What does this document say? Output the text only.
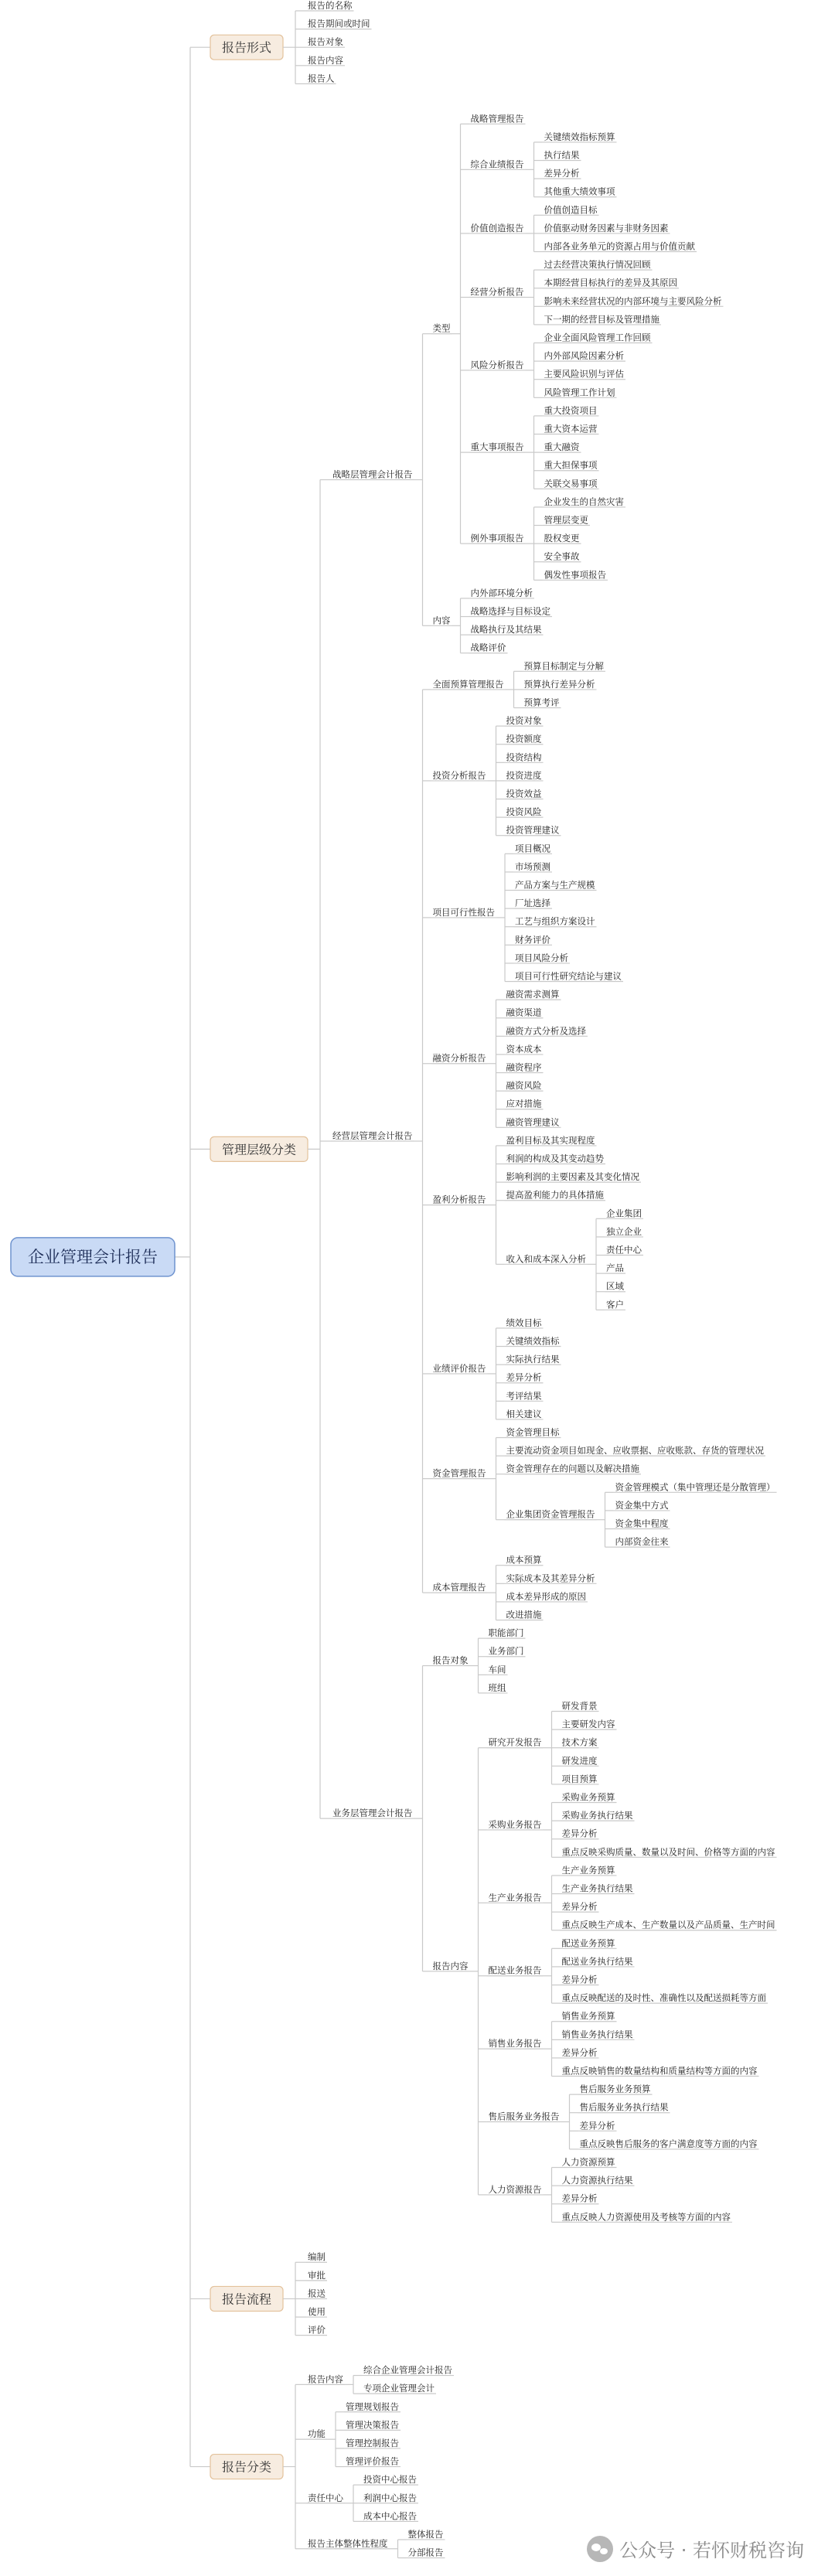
企业管理会计报告
报告形式
报告的名称
报告期间或时间
报告对象
报告内容
报告人
管理层级分类
战略层管理会计报告
类型
战略管理报告
综合业绩报告
关键绩效指标预算
执行结果
差异分析
其他重大绩效事项
价值创造报告
价值创造目标
价值驱动财务因素与非财务因素
内部各业务单元的资源占用与价值贡献
经营分析报告
过去经营决策执行情况回顾
本期经营目标执行的差异及其原因
影响未来经营状况的内部环境与主要风险分析
下一期的经营目标及管理措施
风险分析报告
企业全面风险管理工作回顾
内外部风险因素分析
主要风险识别与评估
风险管理工作计划
重大事项报告
重大投资项目
重大资本运营
重大融资
重大担保事项
关联交易事项
例外事项报告
企业发生的自然灾害
管理层变更
股权变更
安全事故
偶发性事项报告
内容
内外部环境分析
战略选择与目标设定
战略执行及其结果
战略评价
经营层管理会计报告
全面预算管理报告
预算目标制定与分解
预算执行差异分析
预算考评
投资分析报告
投资对象
投资额度
投资结构
投资进度
投资效益
投资风险
投资管理建议
项目可行性报告
项目概况
市场预测
产品方案与生产规模
厂址选择
工艺与组织方案设计
财务评价
项目风险分析
项目可行性研究结论与建议
融资分析报告
融资需求测算
融资渠道
融资方式分析及选择
资本成本
融资程序
融资风险
应对措施
融资管理建议
盈利分析报告
盈利目标及其实现程度
利润的构成及其变动趋势
影响利润的主要因素及其变化情况
提高盈利能力的具体措施
收入和成本深入分析
企业集团
独立企业
责任中心
产品
区域
客户
业绩评价报告
绩效目标
关键绩效指标
实际执行结果
差异分析
考评结果
相关建议
资金管理报告
资金管理目标
主要流动资金项目如现金、应收票据、应收账款、存货的管理状况
资金管理存在的问题以及解决措施
企业集团资金管理报告
资金管理模式（集中管理还是分散管理）
资金集中方式
资金集中程度
内部资金往来
成本管理报告
成本预算
实际成本及其差异分析
成本差异形成的原因
改进措施
业务层管理会计报告
报告对象
职能部门
业务部门
车间
班组
报告内容
研究开发报告
研发背景
主要研发内容
技术方案
研发进度
项目预算
采购业务报告
采购业务预算
采购业务执行结果
差异分析
重点反映采购质量、数量以及时间、价格等方面的内容
生产业务报告
生产业务预算
生产业务执行结果
差异分析
重点反映生产成本、生产数量以及产品质量、生产时间
配送业务报告
配送业务预算
配送业务执行结果
差异分析
重点反映配送的及时性、准确性以及配送损耗等方面
销售业务报告
销售业务预算
销售业务执行结果
差异分析
重点反映销售的数量结构和质量结构等方面的内容
售后服务业务报告
售后服务业务预算
售后服务业务执行结果
差异分析
重点反映售后服务的客户满意度等方面的内容
人力资源报告
人力资源预算
人力资源执行结果
差异分析
重点反映人力资源使用及考核等方面的内容
报告流程
编制
审批
报送
使用
评价
报告分类
报告内容
综合企业管理会计报告
专项企业管理会计
功能
管理规划报告
管理决策报告
管理控制报告
管理评价报告
责任中心
投资中心报告
利润中心报告
成本中心报告
报告主体整体性程度
整体报告
分部报告	公众号 · 若怀财税咨询
